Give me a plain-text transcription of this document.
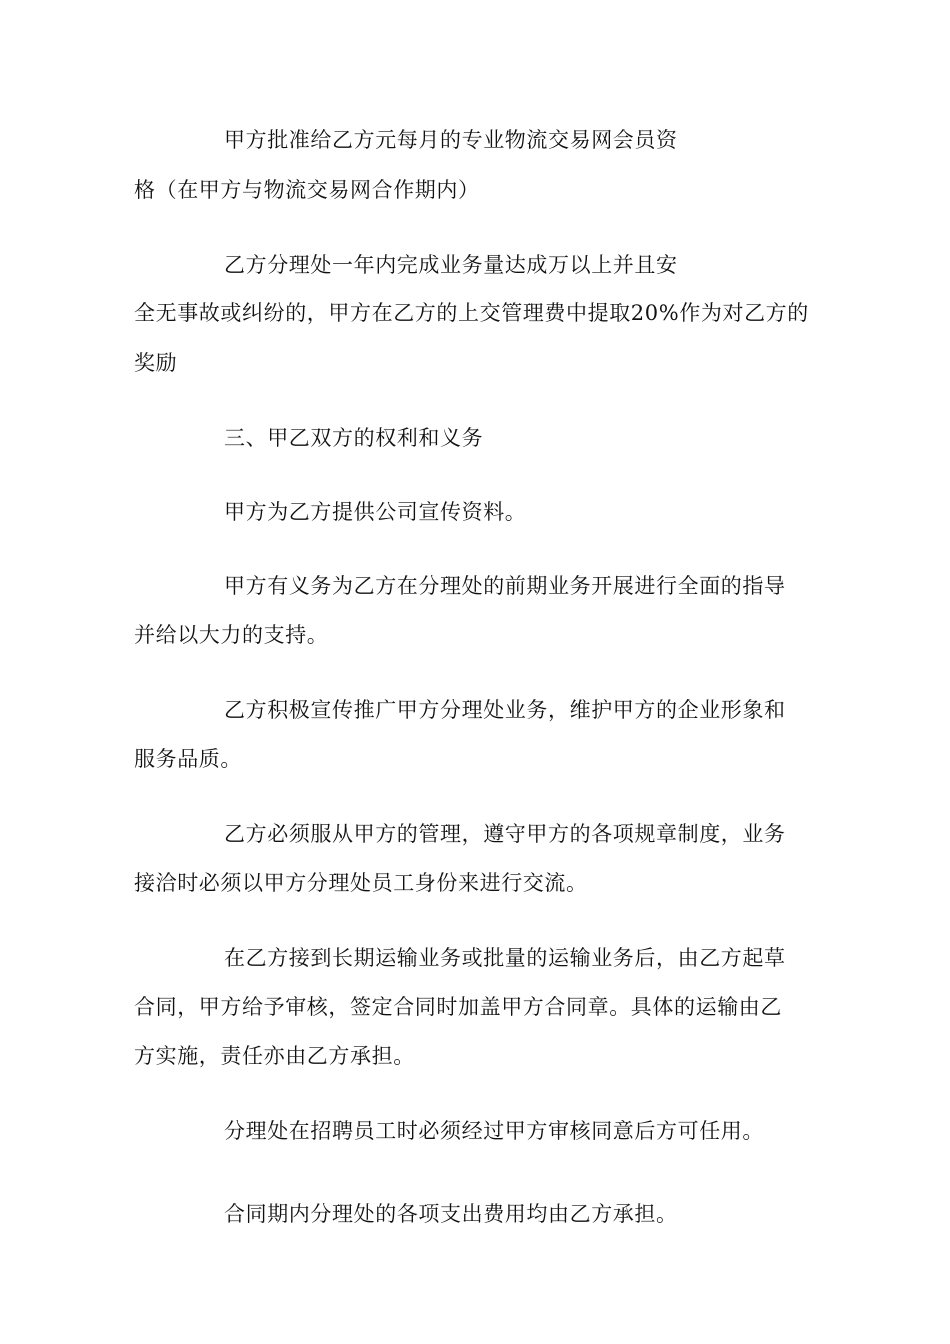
甲方批准给乙方元每月的专业物流交易网会员资
格（在甲方与物流交易网合作期内）
乙方分理处一年内完成业务量达成万以上并且安
全无事故或纠纷的，甲方在乙方的上交管理费中提取20%作为对乙方的
奖励
三、甲乙双方的权利和义务
甲方为乙方提供公司宣传资料。
甲方有义务为乙方在分理处的前期业务开展进行全面的指导
并给以大力的支持。
乙方积极宣传推广甲方分理处业务，维护甲方的企业形象和
服务品质。
乙方必须服从甲方的管理，遵守甲方的各项规章制度，业务
接洽时必须以甲方分理处员工身份来进行交流。
在乙方接到长期运输业务或批量的运输业务后，由乙方起草
合同，甲方给予审核，签定合同时加盖甲方合同章。具体的运输由乙
方实施，责任亦由乙方承担。
分理处在招聘员工时必须经过甲方审核同意后方可任用。
合同期内分理处的各项支出费用均由乙方承担。
